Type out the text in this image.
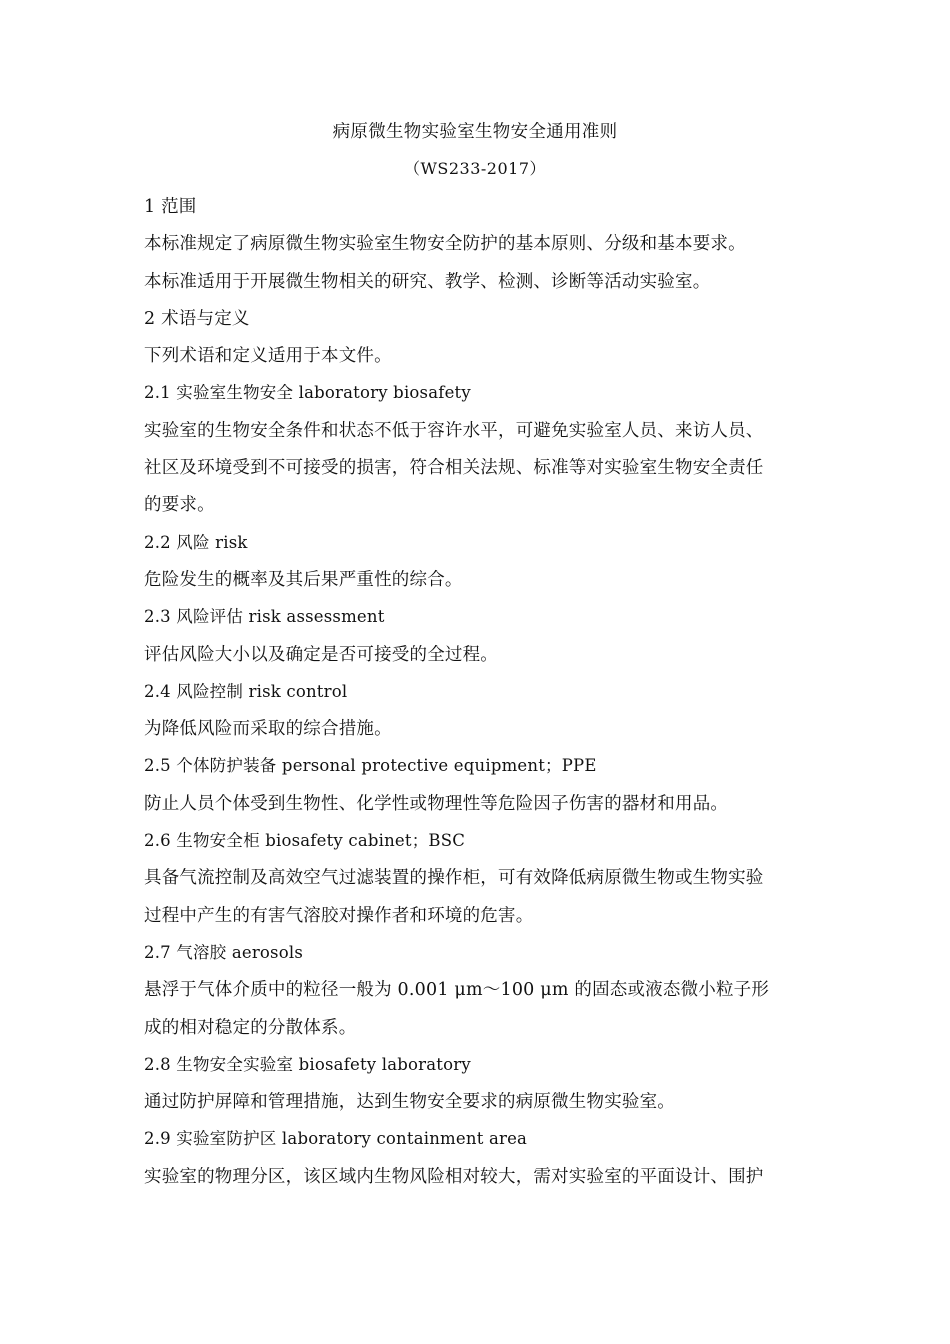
病原微生物实验室生物安全通用准则
（WS233-2017）
1 范围
本标准规定了病原微生物实验室生物安全防护的基本原则、分级和基本要求。
本标准适用于开展微生物相关的研究、教学、检测、诊断等活动实验室。
2 术语与定义
下列术语和定义适用于本文件。
2.1 实验室生物安全 laboratory biosafety
实验室的生物安全条件和状态不低于容许水平，可避免实验室人员、来访人员、
社区及环境受到不可接受的损害，符合相关法规、标准等对实验室生物安全责任
的要求。
2.2 风险 risk
危险发生的概率及其后果严重性的综合。
2.3 风险评估 risk assessment
评估风险大小以及确定是否可接受的全过程。
2.4 风险控制 risk control
为降低风险而采取的综合措施。
2.5 个体防护装备 personal protective equipment；PPE
防止人员个体受到生物性、化学性或物理性等危险因子伤害的器材和用品。
2.6 生物安全柜 biosafety cabinet；BSC
具备气流控制及高效空气过滤装置的操作柜，可有效降低病原微生物或生物实验
过程中产生的有害气溶胶对操作者和环境的危害。
2.7 气溶胶 aerosols
悬浮于气体介质中的粒径一般为 0.001 μm～100 μm 的固态或液态微小粒子形
成的相对稳定的分散体系。
2.8 生物安全实验室 biosafety laboratory
通过防护屏障和管理措施，达到生物安全要求的病原微生物实验室。
2.9 实验室防护区 laboratory containment area
实验室的物理分区，该区域内生物风险相对较大，需对实验室的平面设计、围护
